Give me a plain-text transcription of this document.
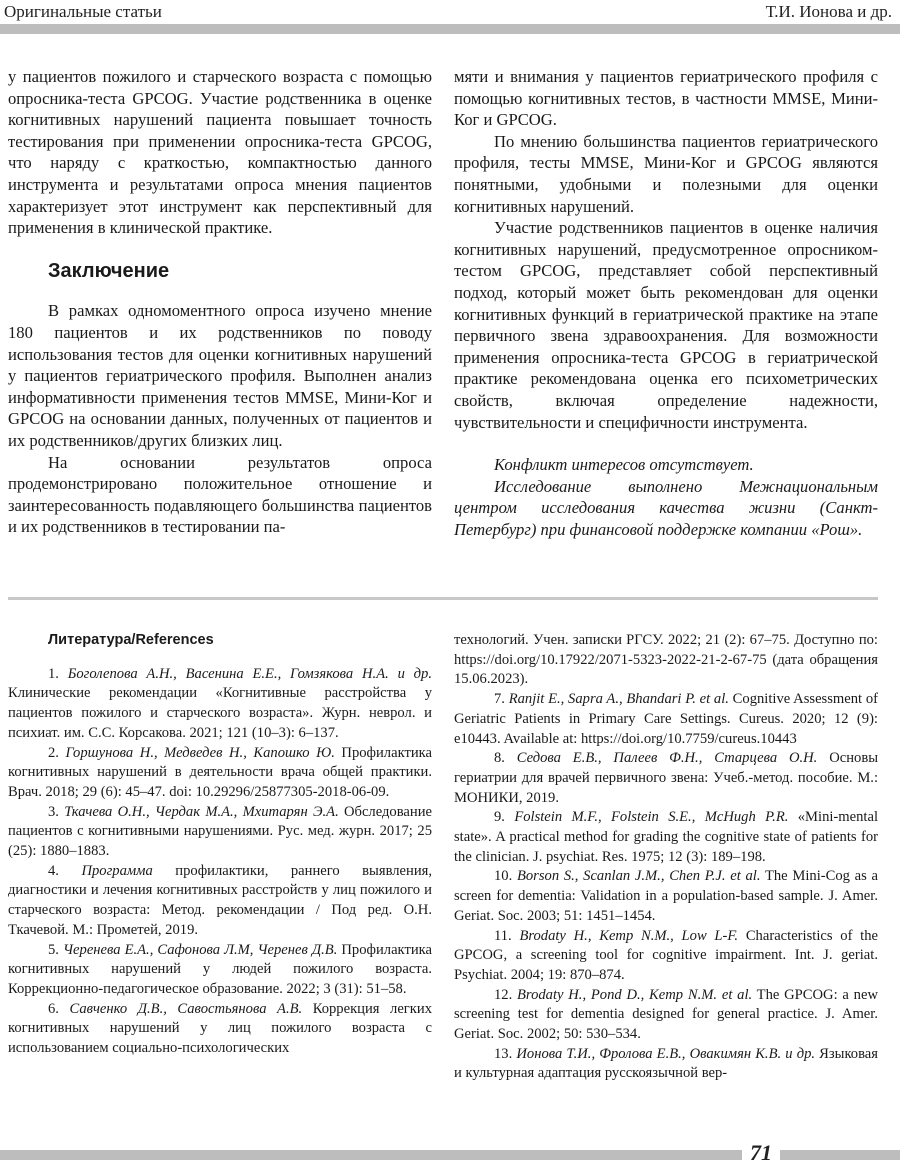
Оригинальные статьи	Т.И. Ионова и др.

у пациентов пожилого и старческого возраста с помощью опросника-теста GPCOG. Участие родственника в оценке когнитивных нарушений пациента повышает точность тестирования при применении опросника-теста GPCOG, что наряду с краткостью, компактностью данного инструмента и результатами опроса мнения пациентов характеризует этот инструмент как перспективный для применения в клинической практике.

Заключение

В рамках одномоментного опроса изучено мнение 180 пациентов и их родственников по поводу использования тестов для оценки когнитивных нарушений у пациентов гериатрического профиля. Выполнен анализ информативности применения тестов MMSE, Мини-Ког и GPCOG на основании данных, полученных от пациентов и их родственников/других близких лиц.

На основании результатов опроса продемонстрировано положительное отношение и заинтересованность подавляющего большинства пациентов и их родственников в тестировании па-

мяти и внимания у пациентов гериатрического профиля с помощью когнитивных тестов, в частности MMSE, Мини-Ког и GPCOG.

По мнению большинства пациентов гериатрического профиля, тесты MMSE, Мини-Ког и GPCOG являются понятными, удобными и полезными для оценки когнитивных нарушений.

Участие родственников пациентов в оценке наличия когнитивных нарушений, предусмотренное опросником-тестом GPCOG, представляет собой перспективный подход, который может быть рекомендован для оценки когнитивных функций в гериатрической практике на этапе первичного звена здравоохранения. Для возможности применения опросника-теста GPCOG в гериатрической практике рекомендована оценка его психометрических свойств, включая определение надежности, чувствительности и специфичности инструмента.

Конфликт интересов отсутствует.

Исследование выполнено Межнациональным центром исследования качества жизни (Санкт-Петербург) при финансовой поддержке компании «Рош».

Литература/References

1. Боголепова А.Н., Васенина Е.Е., Гомзякова Н.А. и др. Клинические рекомендации «Когнитивные расстройства у пациентов пожилого и старческого возраста». Журн. неврол. и психиат. им. С.С. Корсакова. 2021; 121 (10–3): 6–137.

2. Горшунова Н., Медведев Н., Капошко Ю. Профилактика когнитивных нарушений в деятельности врача общей практики. Врач. 2018; 29 (6): 45–47. doi: 10.29296/25877305-2018-06-09.

3. Ткачева О.Н., Чердак М.А., Мхитарян Э.А. Обследование пациентов с когнитивными нарушениями. Рус. мед. журн. 2017; 25 (25): 1880–1883.

4. Программа профилактики, раннего выявления, диагностики и лечения когнитивных расстройств у лиц пожилого и старческого возраста: Метод. рекомендации / Под ред. О.Н. Ткачевой. М.: Прометей, 2019.

5. Черенева Е.А., Сафонова Л.М, Черенев Д.В. Профилактика когнитивных нарушений у людей пожилого возраста. Коррекционно-педагогическое образование. 2022; 3 (31): 51–58.

6. Савченко Д.В., Савостьянова А.В. Коррекция легких когнитивных нарушений у лиц пожилого возраста с использованием социально-психологических

технологий. Учен. записки РГСУ. 2022; 21 (2): 67–75. Доступно по: https://doi.org/10.17922/2071-5323-2022-21-2-67-75 (дата обращения 15.06.2023).

7. Ranjit E., Sapra A., Bhandari P. et al. Cognitive Assessment of Geriatric Patients in Primary Care Settings. Cureus. 2020; 12 (9): e10443. Available at: https://doi.org/10.7759/cureus.10443

8. Седова Е.В., Палеев Ф.Н., Старцева О.Н. Основы гериатрии для врачей первичного звена: Учеб.-метод. пособие. М.: МОНИКИ, 2019.

9. Folstein M.F., Folstein S.E., McHugh P.R. «Mini-mental state». A practical method for grading the cognitive state of patients for the clinician. J. psychiat. Res. 1975; 12 (3): 189–198.

10. Borson S., Scanlan J.M., Chen P.J. et al. The Mini-Cog as a screen for dementia: Validation in a population-based sample. J. Amer. Geriat. Soc. 2003; 51: 1451–1454.

11. Brodaty H., Kemp N.M., Low L-F. Characteristics of the GPCOG, a screening tool for cognitive impairment. Int. J. geriat. Psychiat. 2004; 19: 870–874.

12. Brodaty H., Pond D., Kemp N.M. et al. The GPCOG: a new screening test for dementia designed for general practice. J. Amer. Geriat. Soc. 2002; 50: 530–534.

13. Ионова Т.И., Фролова Е.В., Овакимян К.В. и др. Языковая и культурная адаптация русскоязычной вер-

71
